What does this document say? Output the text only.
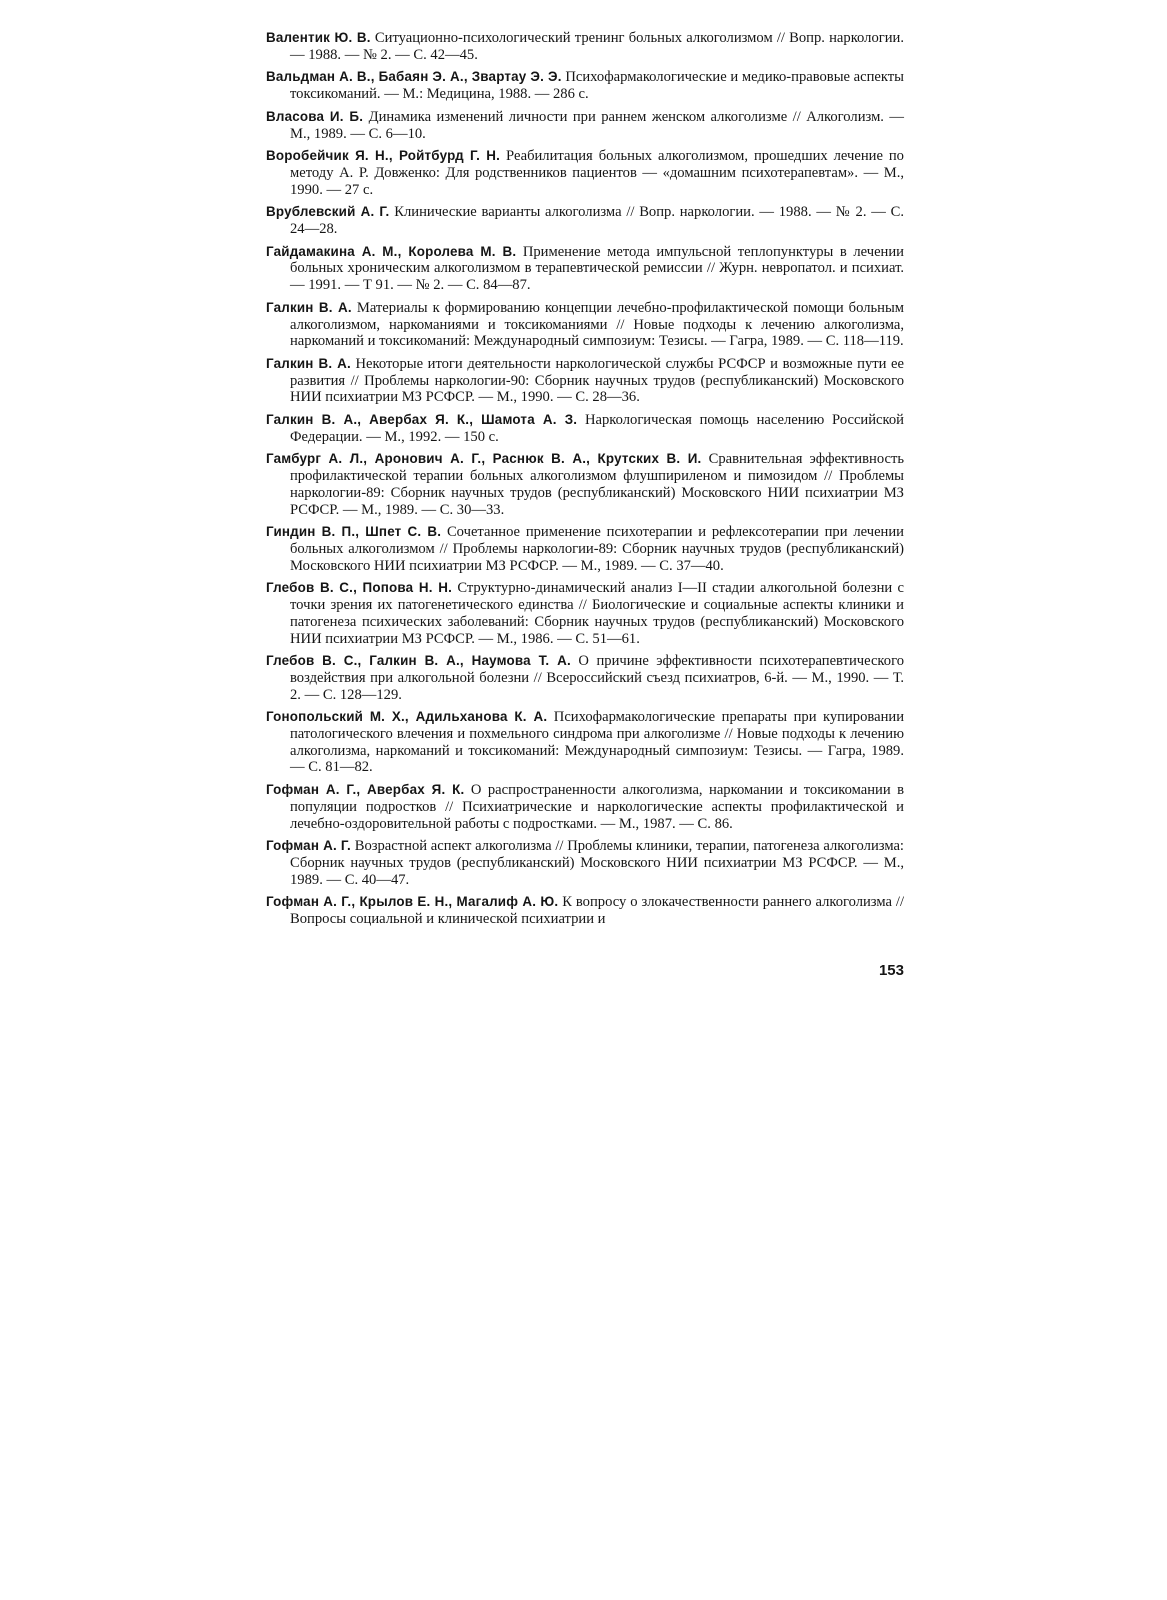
Валентик Ю. В. Ситуационно-психологический тренинг больных алкоголизмом // Вопр. наркологии. — 1988. — № 2. — С. 42—45.
Вальдман А. В., Бабаян Э. А., Звартау Э. Э. Психофармакологические и медико-правовые аспекты токсикоманий. — М.: Медицина, 1988. — 286 с.
Власова И. Б. Динамика изменений личности при раннем женском алкоголизме // Алкоголизм. — М., 1989. — С. 6—10.
Воробейчик Я. Н., Ройтбурд Г. Н. Реабилитация больных алкоголизмом, прошедших лечение по методу А. Р. Довженко: Для родственников пациентов — «домашним психотерапевтам». — М., 1990. — 27 с.
Врублевский А. Г. Клинические варианты алкоголизма // Вопр. наркологии. — 1988. — № 2. — С. 24—28.
Гайдамакина А. М., Королева М. В. Применение метода импульсной теплопунктуры в лечении больных хроническим алкоголизмом в терапевтической ремиссии // Журн. невропатол. и психиат. — 1991. — Т 91. — № 2. — С. 84—87.
Галкин В. А. Материалы к формированию концепции лечебно-профилактической помощи больным алкоголизмом, наркоманиями и токсикоманиями // Новые подходы к лечению алкоголизма, наркоманий и токсикоманий: Международный симпозиум: Тезисы. — Гагра, 1989. — С. 118—119.
Галкин В. А. Некоторые итоги деятельности наркологической службы РСФСР и возможные пути ее развития // Проблемы наркологии-90: Сборник научных трудов (республиканский) Московского НИИ психиатрии МЗ РСФСР. — М., 1990. — С. 28—36.
Галкин В. А., Авербах Я. К., Шамота А. З. Наркологическая помощь населению Российской Федерации. — М., 1992. — 150 с.
Гамбург А. Л., Аронович А. Г., Раснюк В. А., Крутских В. И. Сравнительная эффективность профилактической терапии больных алкоголизмом флушпириленом и пимозидом // Проблемы наркологии-89: Сборник научных трудов (республиканский) Московского НИИ психиатрии МЗ РСФСР. — М., 1989. — С. 30—33.
Гиндин В. П., Шпет С. В. Сочетанное применение психотерапии и рефлексотерапии при лечении больных алкоголизмом // Проблемы наркологии-89: Сборник научных трудов (республиканский) Московского НИИ психиатрии МЗ РСФСР. — М., 1989. — С. 37—40.
Глебов В. С., Попова Н. Н. Структурно-динамический анализ I—II стадии алкогольной болезни с точки зрения их патогенетического единства // Биологические и социальные аспекты клиники и патогенеза психических заболеваний: Сборник научных трудов (республиканский) Московского НИИ психиатрии МЗ РСФСР. — М., 1986. — С. 51—61.
Глебов В. С., Галкин В. А., Наумова Т. А. О причине эффективности психотерапевтического воздействия при алкогольной болезни // Всероссийский съезд психиатров, 6-й. — М., 1990. — Т. 2. — С. 128—129.
Гонопольский М. Х., Адильханова К. А. Психофармакологические препараты при купировании патологического влечения и похмельного синдрома при алкоголизме // Новые подходы к лечению алкоголизма, наркоманий и токсикоманий: Международный симпозиум: Тезисы. — Гагра, 1989. — С. 81—82.
Гофман А. Г., Авербах Я. К. О распространенности алкоголизма, наркомании и токсикомании в популяции подростков // Психиатрические и наркологические аспекты профилактической и лечебно-оздоровительной работы с подростками. — М., 1987. — С. 86.
Гофман А. Г. Возрастной аспект алкоголизма // Проблемы клиники, терапии, патогенеза алкоголизма: Сборник научных трудов (республиканский) Московского НИИ психиатрии МЗ РСФСР. — М., 1989. — С. 40—47.
Гофман А. Г., Крылов Е. Н., Магалиф А. Ю. К вопросу о злокачественности раннего алкоголизма // Вопросы социальной и клинической психиатрии и
153
